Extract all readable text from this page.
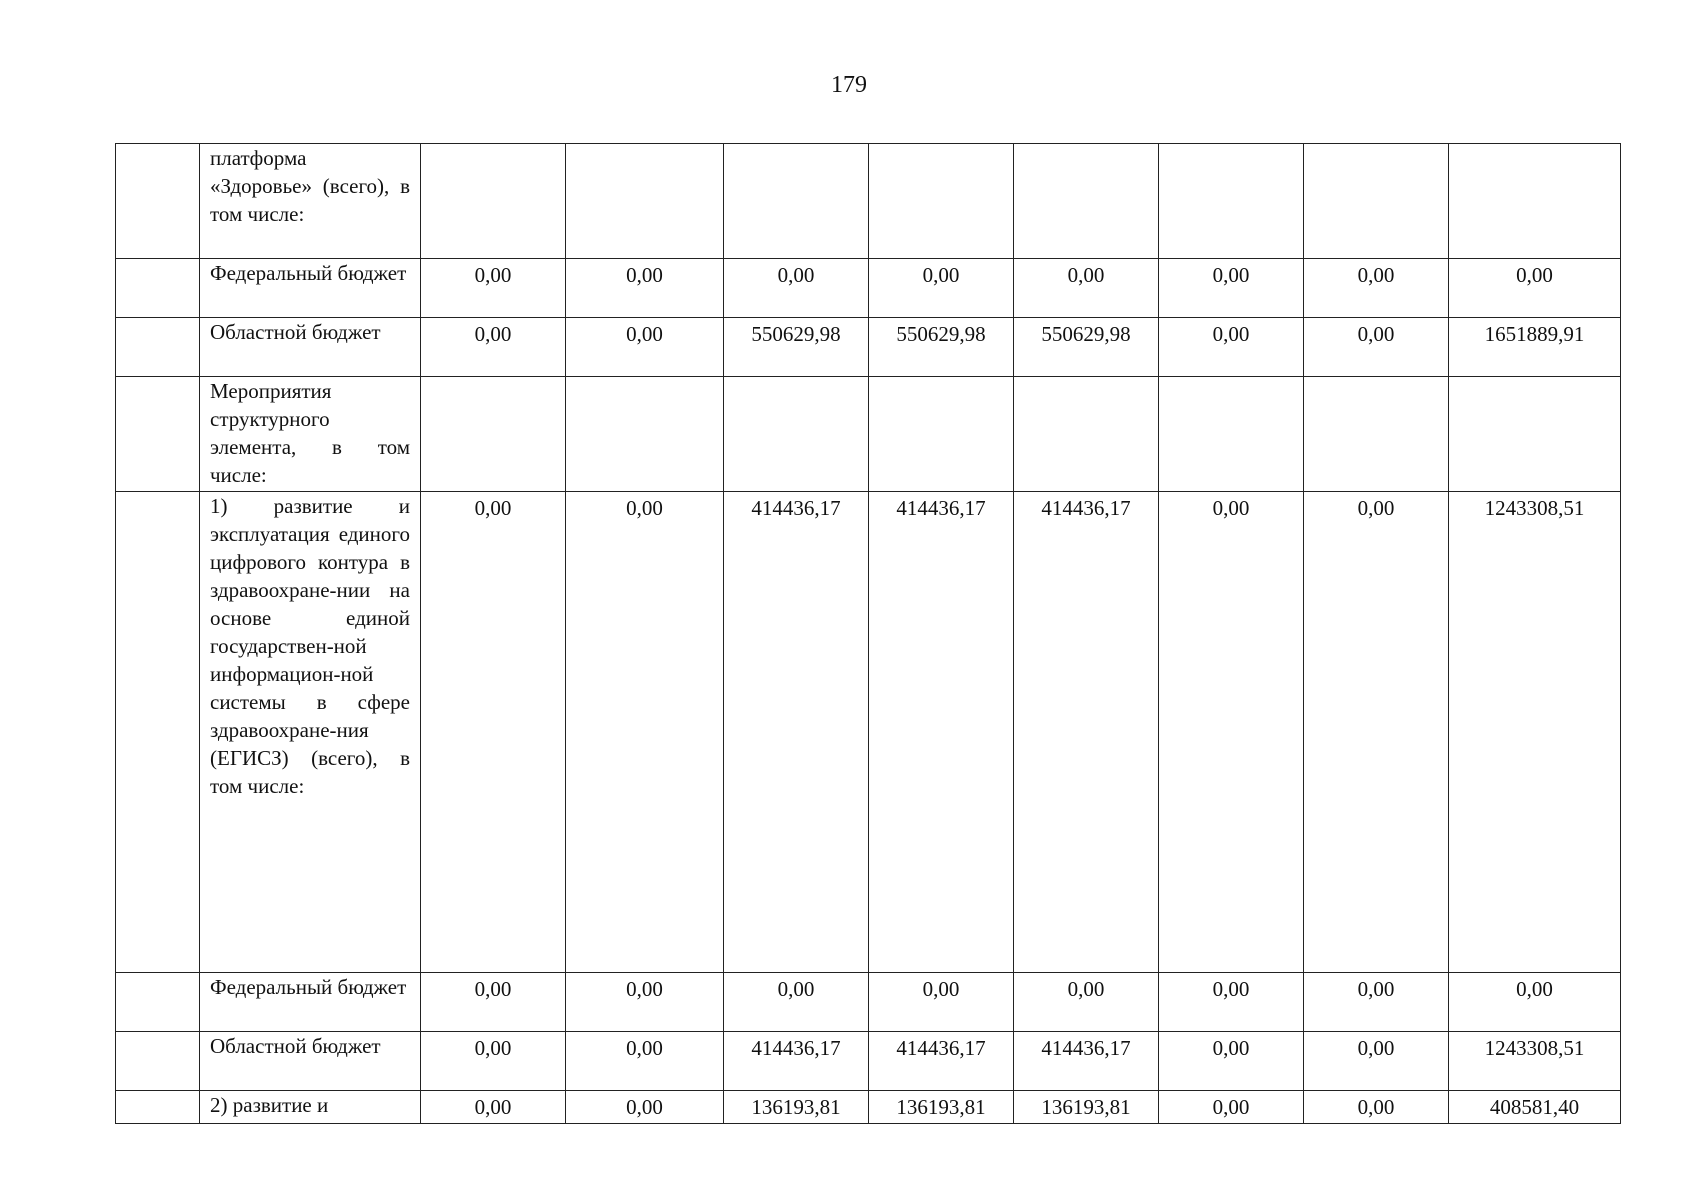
179

	платформа «Здоровье» (всего), в том числе:								

	Федеральный бюджет	0,00	0,00	0,00	0,00	0,00	0,00	0,00	0,00

	Областной бюджет	0,00	0,00	550629,98	550629,98	550629,98	0,00	0,00	1651889,91

	Мероприятия структурного элемента, в том числе:								

	1) развитие и эксплуатация единого цифрового контура в здравоохране-нии на основе единой государствен-ной информацион-ной системы в сфере здравоохране-ния (ЕГИСЗ) (всего), в том числе:	0,00	0,00	414436,17	414436,17	414436,17	0,00	0,00	1243308,51

	Федеральный бюджет	0,00	0,00	0,00	0,00	0,00	0,00	0,00	0,00

	Областной бюджет	0,00	0,00	414436,17	414436,17	414436,17	0,00	0,00	1243308,51

	2) развитие и	0,00	0,00	136193,81	136193,81	136193,81	0,00	0,00	408581,40
